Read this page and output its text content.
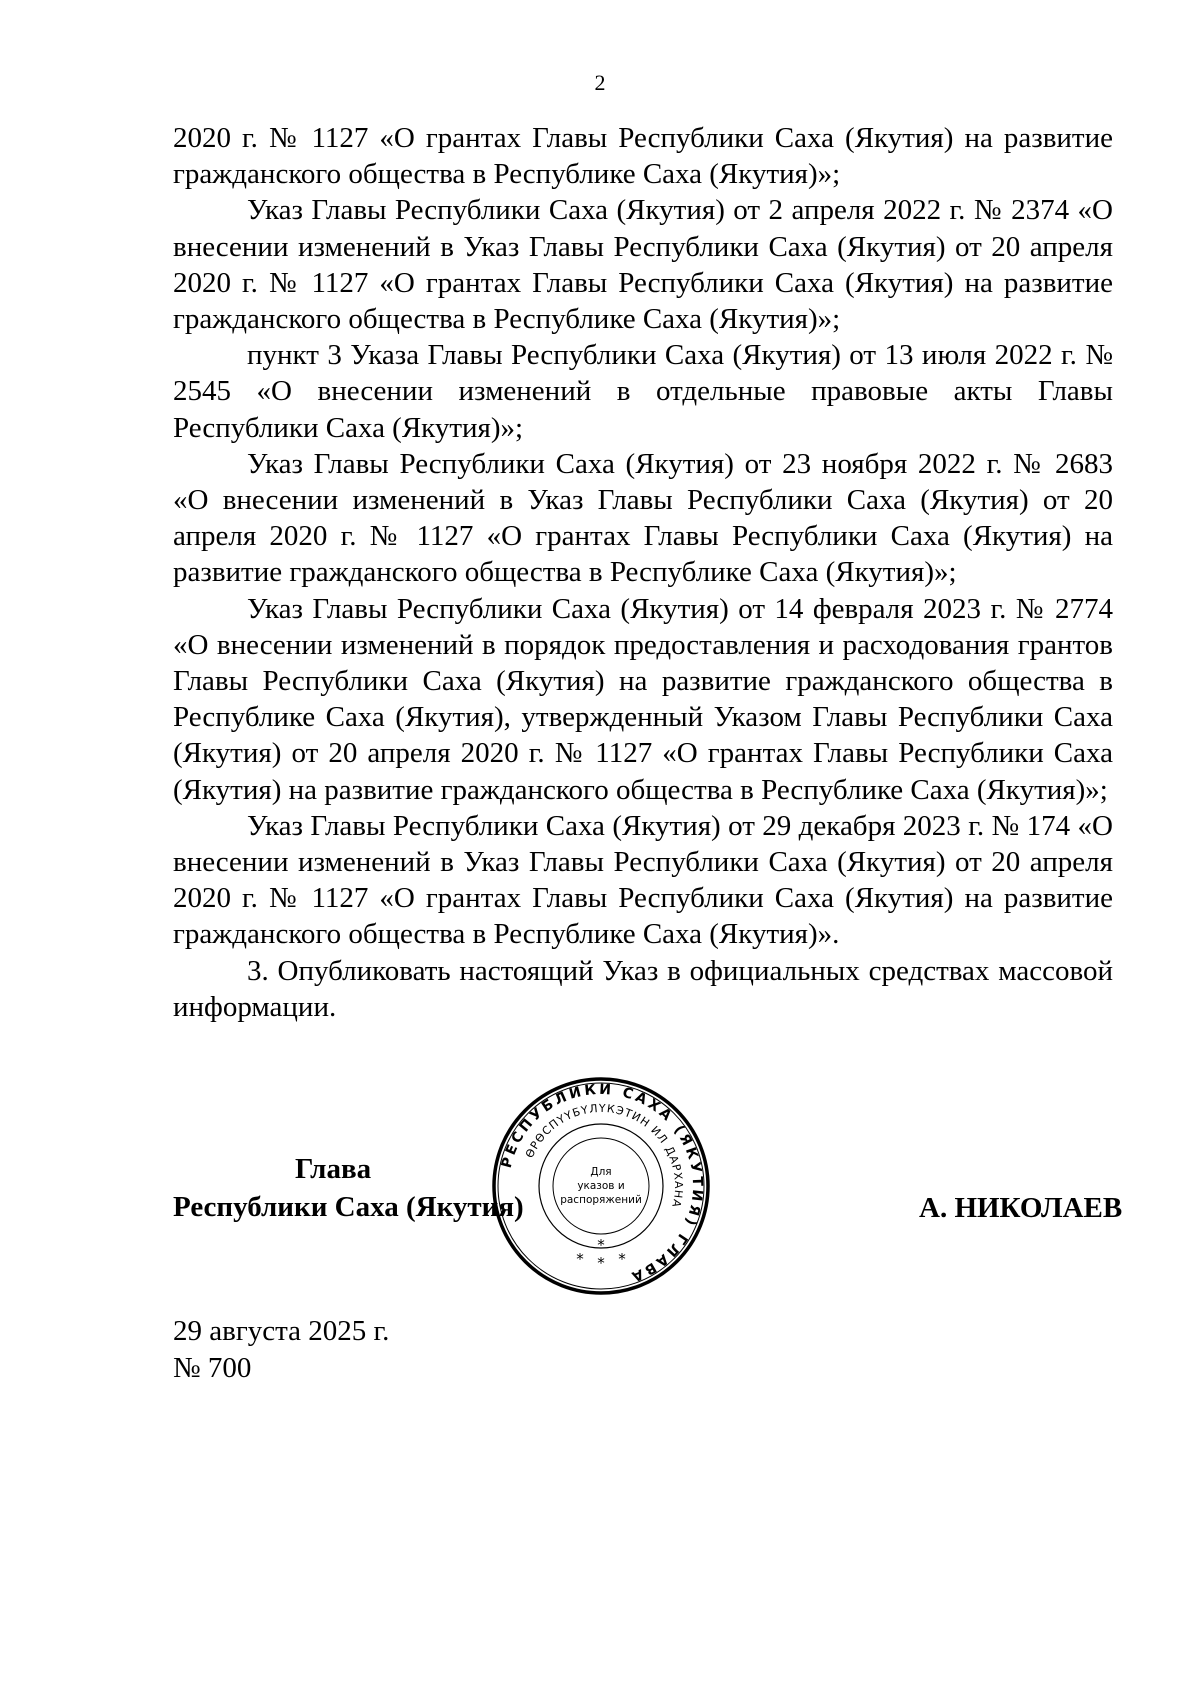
2

2020 г. № 1127 «О грантах Главы Республики Саха (Якутия) на развитие гражданского общества в Республике Саха (Якутия)»;

Указ Главы Республики Саха (Якутия) от 2 апреля 2022 г. № 2374 «О внесении изменений в Указ Главы Республики Саха (Якутия) от 20 апреля 2020 г. № 1127 «О грантах Главы Республики Саха (Якутия) на развитие гражданского общества в Республике Саха (Якутия)»;

пункт 3 Указа Главы Республики Саха (Якутия) от 13 июля 2022 г. № 2545 «О внесении изменений в отдельные правовые акты Главы Республики Саха (Якутия)»;

Указ Главы Республики Саха (Якутия) от 23 ноября 2022 г. № 2683 «О внесении изменений в Указ Главы Республики Саха (Якутия) от 20 апреля 2020 г. № 1127 «О грантах Главы Республики Саха (Якутия) на развитие гражданского общества в Республике Саха (Якутия)»;

Указ Главы Республики Саха (Якутия) от 14 февраля 2023 г. № 2774 «О внесении изменений в порядок предоставления и расходования грантов Главы Республики Саха (Якутия) на развитие гражданского общества в Республике Саха (Якутия), утвержденный Указом Главы Республики Саха (Якутия) от 20 апреля 2020 г. № 1127 «О грантах Главы Республики Саха (Якутия) на развитие гражданского общества в Республике Саха (Якутия)»;

Указ Главы Республики Саха (Якутия) от 29 декабря 2023 г. № 174 «О внесении изменений в Указ Главы Республики Саха (Якутия) от 20 апреля 2020 г. № 1127 «О грантах Главы Республики Саха (Якутия) на развитие гражданского общества в Республике Саха (Якутия)».

3. Опубликовать настоящий Указ в официальных средствах массовой информации.

Глава
Республики Саха (Якутия)
РЕСПУБЛИКИ САХА (ЯКУТИЯ) ГЛАВА
ӨРӨСПҮҮБҮЛҮКЭТИН ИЛ ДАРХАНА
Для
указов и
распоряжений
*
* * *
А. НИКОЛАЕВ
29 августа 2025 г.
№ 700
